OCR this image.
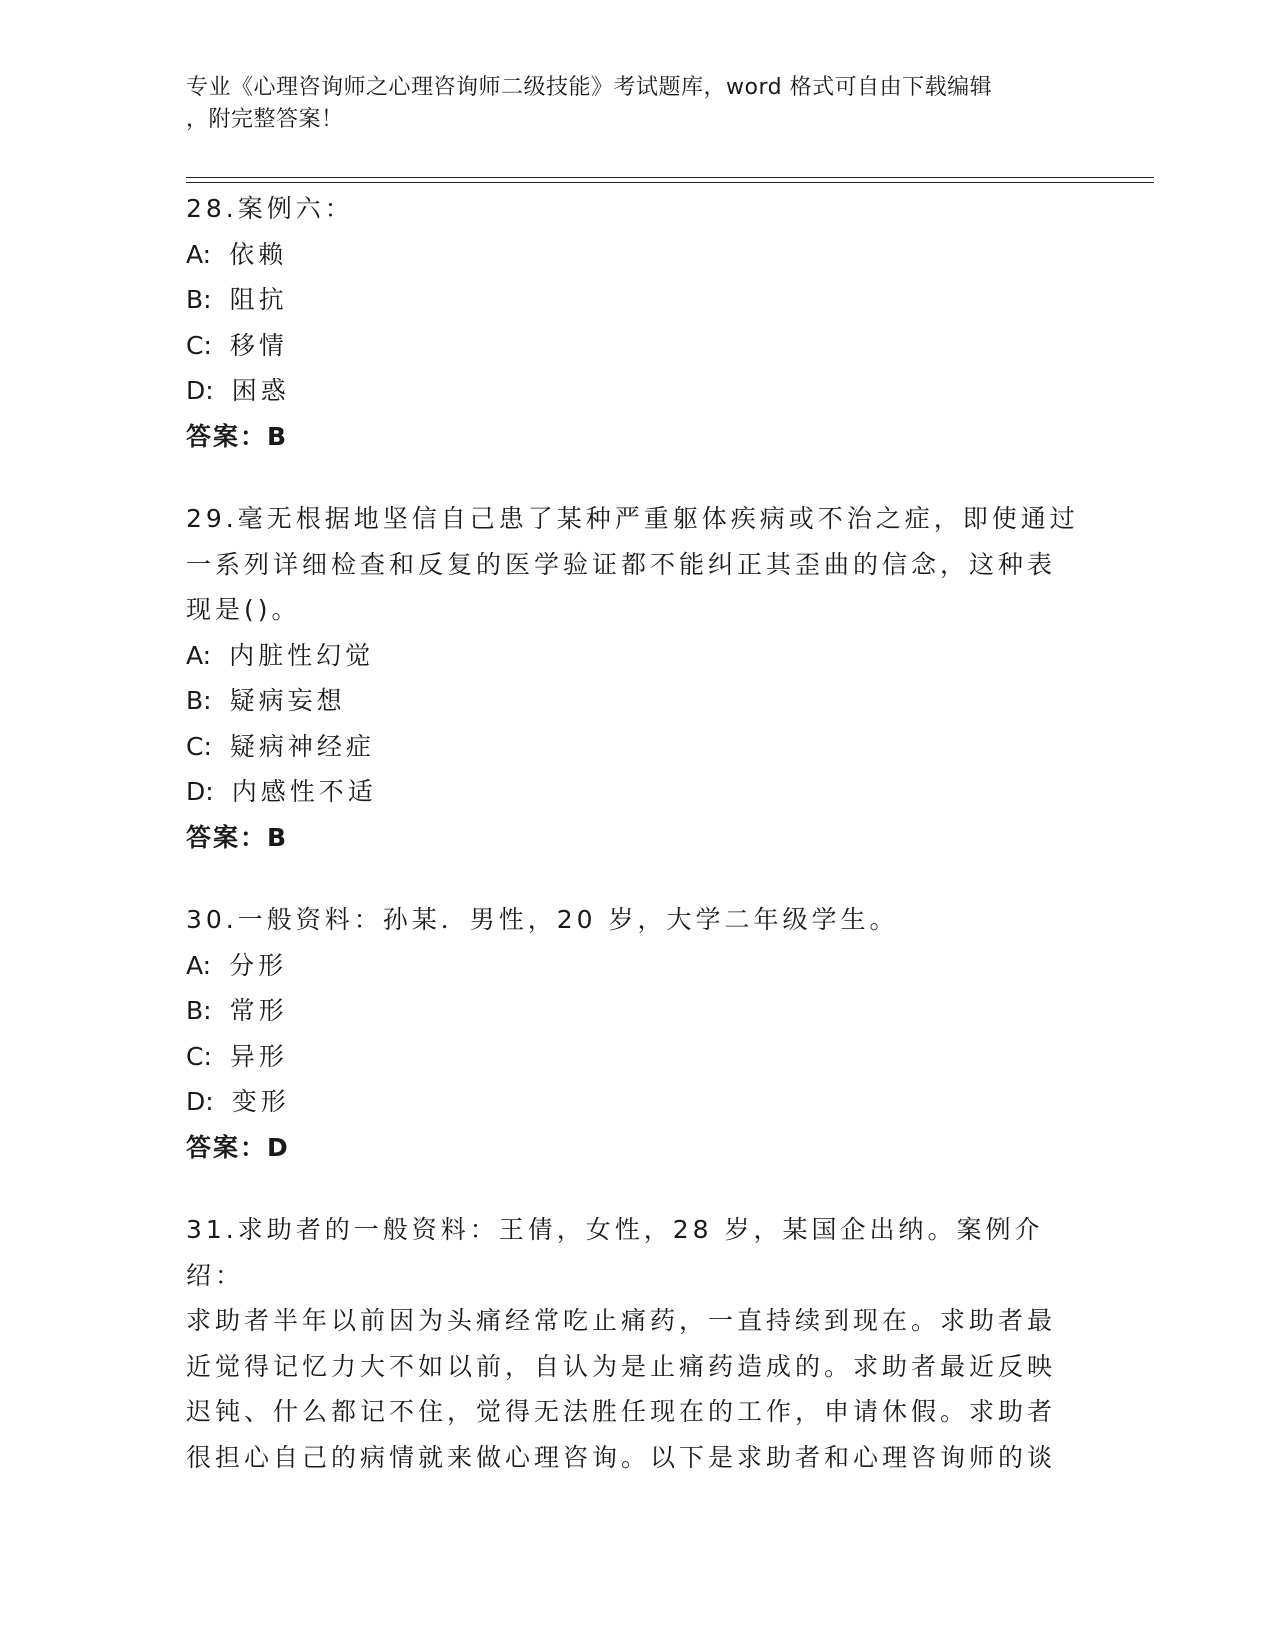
专业《心理咨询师之心理咨询师二级技能》考试题库，word 格式可自由下载编辑
，附完整答案！
28.案例六：
A: 依赖
B: 阻抗
C: 移情
D: 困惑
答案：B
29.毫无根据地坚信自己患了某种严重躯体疾病或不治之症，即使通过
一系列详细检查和反复的医学验证都不能纠正其歪曲的信念，这种表
现是()。
A: 内脏性幻觉
B: 疑病妄想
C: 疑病神经症
D: 内感性不适
答案：B
30.一般资料：孙某．男性，20 岁，大学二年级学生。
A: 分形
B: 常形
C: 异形
D: 变形
答案：D
31.求助者的一般资料：王倩，女性，28 岁，某国企出纳。案例介绍：
求助者半年以前因为头痛经常吃止痛药，一直持续到现在。求助者最
近觉得记忆力大不如以前，自认为是止痛药造成的。求助者最近反映
迟钝、什么都记不住，觉得无法胜任现在的工作，申请休假。求助者
很担心自己的病情就来做心理咨询。以下是求助者和心理咨询师的谈
